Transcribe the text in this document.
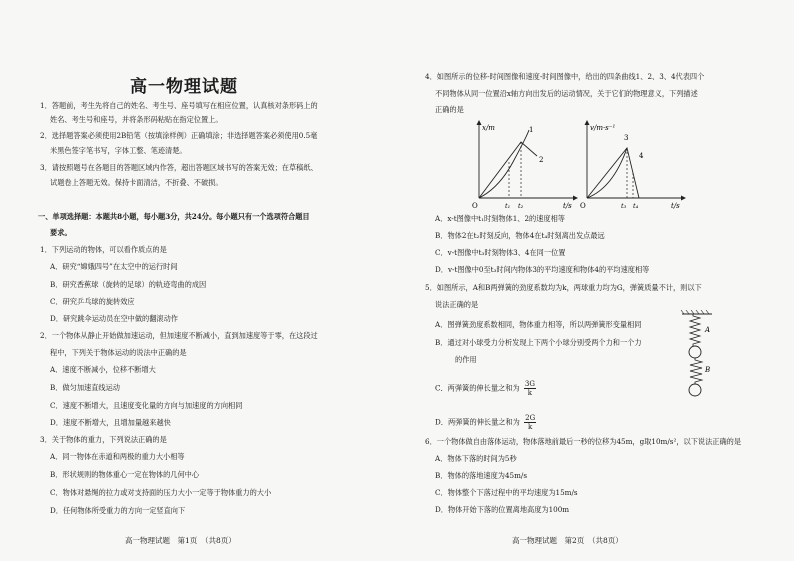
高一物理试题
1．答题前，考生先将自己的姓名、考生号、座号填写在相应位置，认真核对条形码上的
姓名、考生号和座号，并将条形码粘贴在指定位置上。
2．选择题答案必须使用2B铅笔（按填涂样例）正确填涂；非选择题答案必须使用0.5毫
米黑色签字笔书写，字体工整、笔迹清楚。
3．请按照题号在各题目的答题区域内作答，超出答题区域书写的答案无效；在草稿纸、
试题卷上答题无效。保持卡面清洁，不折叠、不破损。
一、单项选择题：本题共8小题，每小题3分，共24分。每小题只有一个选项符合题目
要求。
1．下列运动的物体，可以看作质点的是
A．研究“嫦娥四号”在太空中的运行时间
B．研究香蕉球（旋转的足球）的轨迹弯曲的成因
C．研究乒乓球的旋转效应
D．研究跳伞运动员在空中做的翻滚动作
2．一个物体从静止开始做加速运动，但加速度不断减小，直到加速度等于零，在这段过
程中，下列关于物体运动的说法中正确的是
A．速度不断减小，位移不断增大
B．做匀加速直线运动
C．速度不断增大，且速度变化量的方向与加速度的方向相同
D．速度不断增大，且增加量越来越快
3．关于物体的重力，下列说法正确的是
A．同一物体在赤道和两极的重力大小相等
B．形状规则的物体重心一定在物体的几何中心
C．物体对悬绳的拉力或对支持面的压力大小一定等于物体重力的大小
D．任何物体所受重力的方向一定竖直向下
高一物理试题　第1页　（共8页）
4．如图所示的位移-时间图像和速度-时间图像中，给出的四条曲线1、2、3、4代表四个
不同物体从同一位置沿x轴方向出发后的运动情况，关于它们的物理意义，下列描述
正确的是
x/m
t/s
O	t₁ t₂
1
2
v/m·s⁻¹
t/s
O	t₃ t₄
3
4
A．x-t图像中t₁时刻物体1、2的速度相等
B．物体2在t₂时刻反向，物体4在t₄时刻离出发点最远
C．v-t图像中t₃时刻物体3、4在同一位置
D．v-t图像中0至t₃时间内物体3的平均速度和物体4的平均速度相等
5．如图所示，A和B两弹簧的劲度系数均为k，两球重力均为G，弹簧质量不计，则以下
说法正确的是
A．图弹簧劲度系数相同，物体重力相等，所以两弹簧形变量相同
B．通过对小球受力分析发现上下两个小球分别受两个力和一个力
的作用
C．两弹簧的伸长量之和为 $\frac{3G}{k}$
D．两弹簧的伸长量之和为 $\frac{2G}{k}$
A
B
6．一个物体做自由落体运动，物体落地前最后一秒的位移为45m，g取10m/s²，以下说法正确的是
A．物体下落的时间为5秒
B．物体的落地速度为45m/s
C．物体整个下落过程中的平均速度为15m/s
D．物体开始下落的位置离地高度为100m
高一物理试题　第2页　（共8页）
